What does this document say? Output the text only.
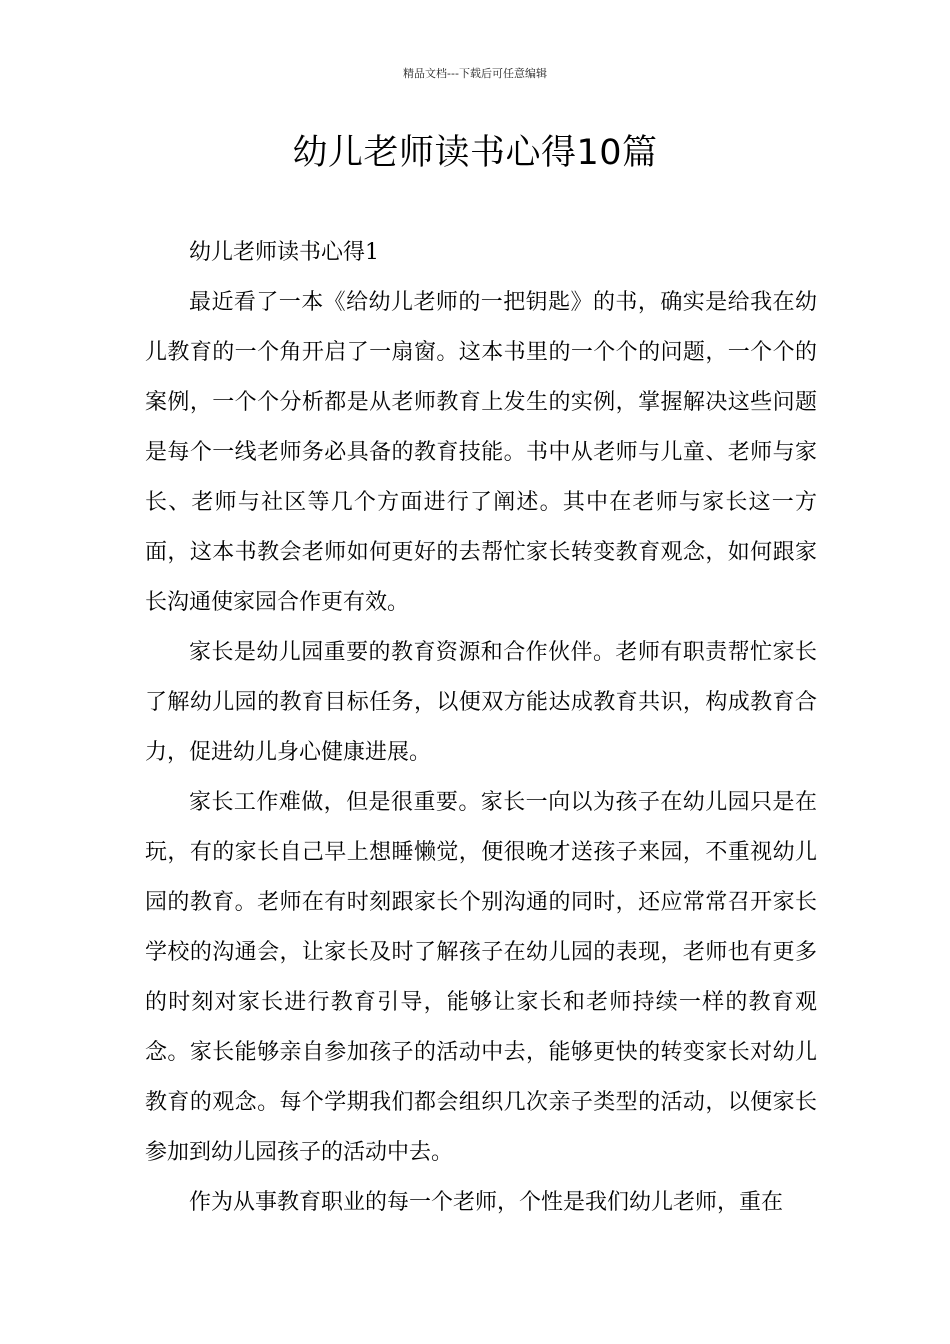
精品文档---下载后可任意编辑
幼儿老师读书心得10篇

幼儿老师读书心得1

最近看了一本《给幼儿老师的一把钥匙》的书，确实是给我在幼儿教育的一个角开启了一扇窗。这本书里的一个个的问题，一个个的案例，一个个分析都是从老师教育上发生的实例，掌握解决这些问题是每个一线老师务必具备的教育技能。书中从老师与儿童、老师与家长、老师与社区等几个方面进行了阐述。其中在老师与家长这一方面，这本书教会老师如何更好的去帮忙家长转变教育观念，如何跟家长沟通使家园合作更有效。

家长是幼儿园重要的教育资源和合作伙伴。老师有职责帮忙家长了解幼儿园的教育目标任务，以便双方能达成教育共识，构成教育合力，促进幼儿身心健康进展。

家长工作难做，但是很重要。家长一向以为孩子在幼儿园只是在玩，有的家长自己早上想睡懒觉，便很晚才送孩子来园，不重视幼儿园的教育。老师在有时刻跟家长个别沟通的同时，还应常常召开家长学校的沟通会，让家长及时了解孩子在幼儿园的表现，老师也有更多的时刻对家长进行教育引导，能够让家长和老师持续一样的教育观念。家长能够亲自参加孩子的活动中去，能够更快的转变家长对幼儿教育的观念。每个学期我们都会组织几次亲子类型的活动，以便家长参加到幼儿园孩子的活动中去。

作为从事教育职业的每一个老师，个性是我们幼儿老师，重在
